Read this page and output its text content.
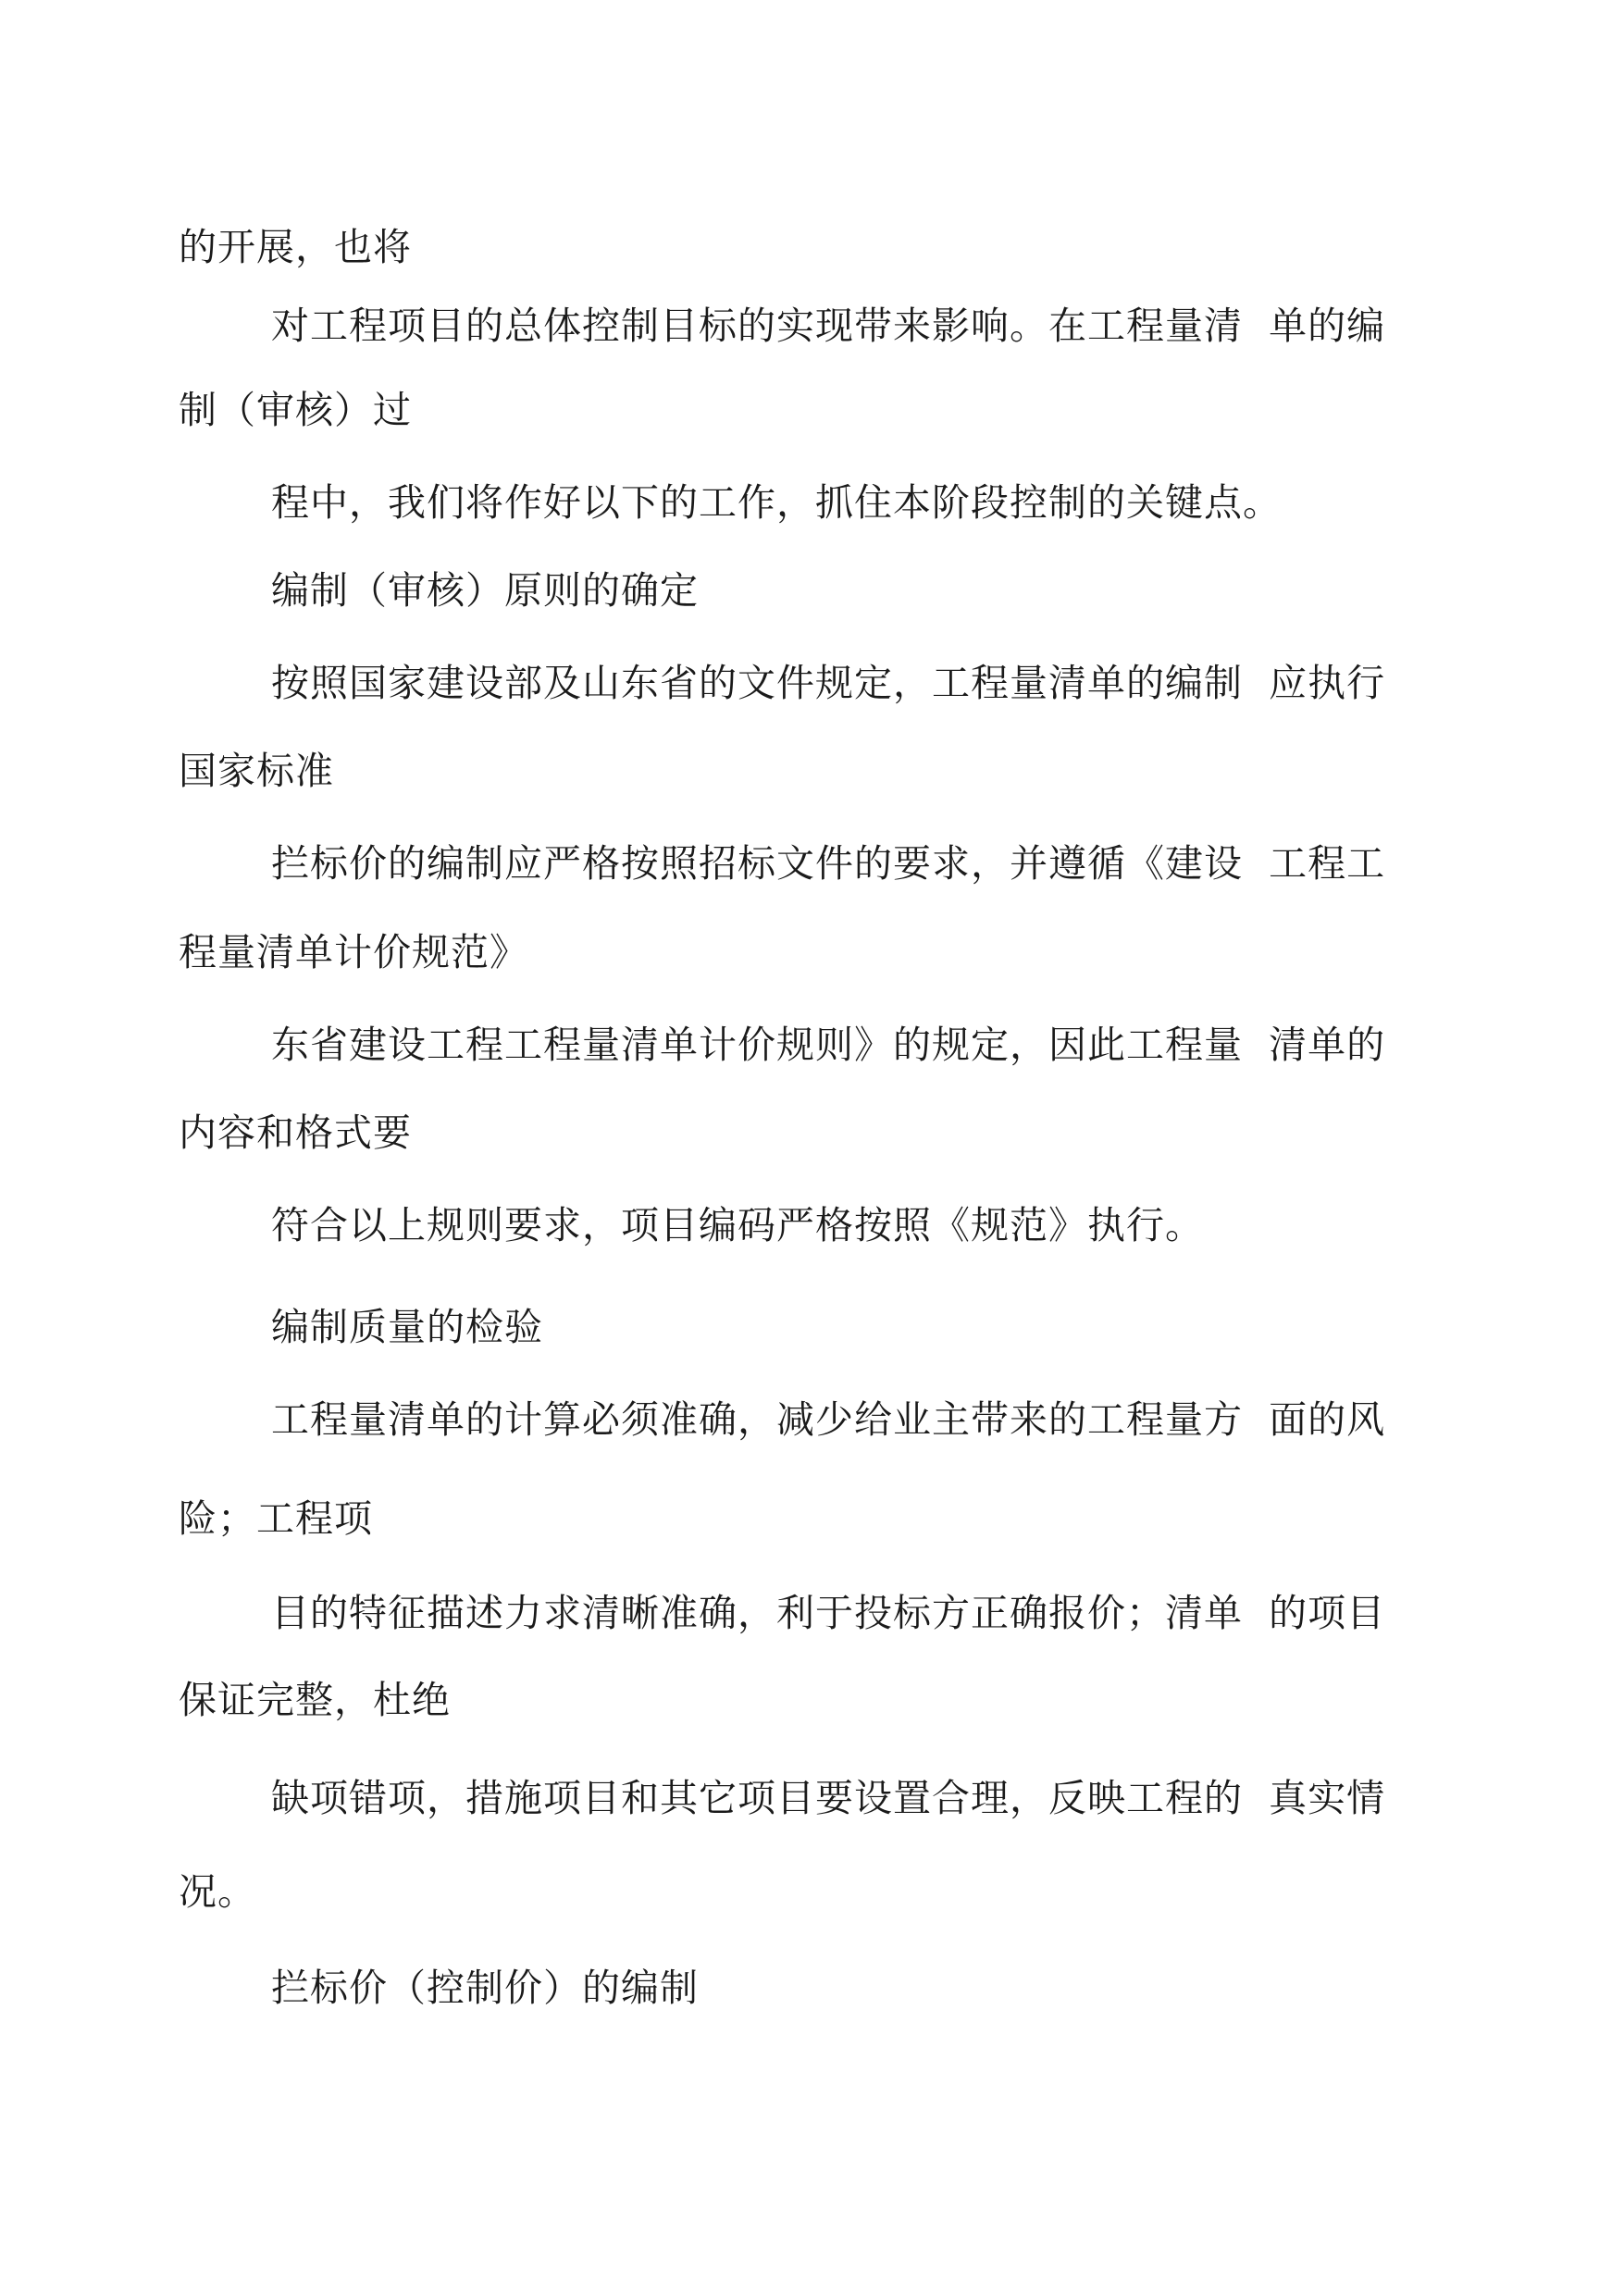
的开展，也将
对工程项目的总体控制目标的实现带来影响。在工程量清  单的编
制（审核）过
程中，我们将作好以下的工作，抓住本阶段控制的关键点。
编制（审核）原则的确定
按照国家建设部及山东省的文件规定，工程量清单的编制  应执行
国家标准
拦标价的编制应严格按照招标文件的要求，并遵循《建设  工程工
程量清单计价规范》
东省建设工程工程量清单计价规则》的规定，因此工程量  清单的
内容和格式要
符合以上规则要求，项目编码严格按照《规范》执行。
编制质量的检验
工程量清单的计算必须准确，减少给业主带来的工程量方  面的风
险；工程项
目的特征描述力求清晰准确，利于投标方正确报价；清单  的项目
保证完整，杜绝
缺项错项，措施项目和其它项目要设置合理，反映工程的  真实情
况。
拦标价（控制价）的编制
